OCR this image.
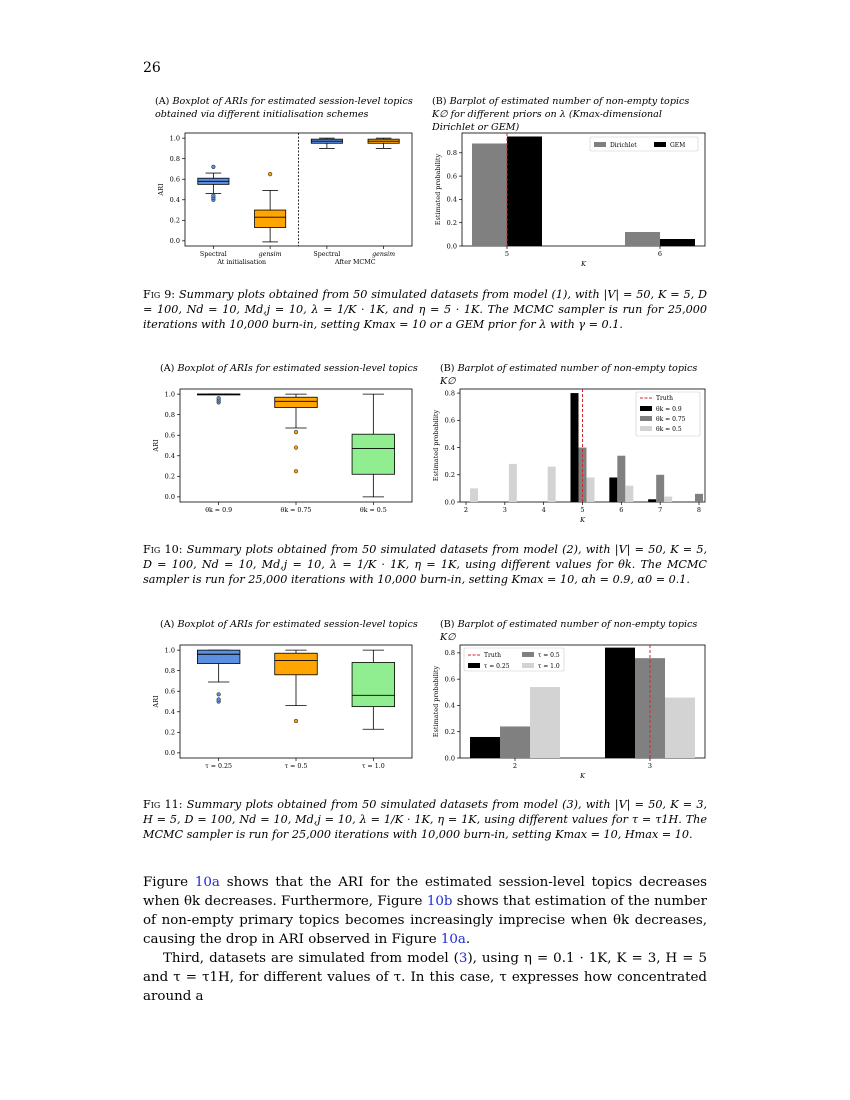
26
(A) Boxplot of ARIs for estimated session-level topics obtained via different initialisation schemes
(B) Barplot of estimated number of non-empty topics K∅ for different priors on λ (Kmax-dimensional Dirichlet or GEM)
0.0
0.2
0.4
0.6
0.8
1.0
ARI
Spectral	gensim	Spectral	gensim
At initialisation	After MCMC
0.0
0.2
0.4
0.6
0.8
Estimated probability
5	6
K
Dirichlet	GEM
Fig 9: Summary plots obtained from 50 simulated datasets from model (1), with |V| = 50, K = 5, D = 100, Nd = 10, Md,j = 10, λ = 1/K · 1K, and η = 5 · 1K. The MCMC sampler is run for 25,000 iterations with 10,000 burn-in, setting Kmax = 10 or a GEM prior for λ with γ = 0.1.
(A) Boxplot of ARIs for estimated session-level topics (B) Barplot of estimated number of non-empty topics K∅
0.0
0.2
0.4
0.6
0.8
1.0
ARI
θk = 0.9	θk = 0.75	θk = 0.5
0.0
0.2
0.4
0.6
0.8
Estimated probability
2	3	4	5	6	7	8
K
Truth
θk = 0.9
θk = 0.75
θk = 0.5
Fig 10: Summary plots obtained from 50 simulated datasets from model (2), with |V| = 50, K = 5, D = 100, Nd = 10, Md,j = 10, λ = 1/K · 1K, η = 1K, using different values for θk. The MCMC sampler is run for 25,000 iterations with 10,000 burn-in, setting Kmax = 10, αh = 0.9, α0 = 0.1.
(A) Boxplot of ARIs for estimated session-level topics (B) Barplot of estimated number of non-empty topics K∅
0.0
0.2
0.4
0.6
0.8
1.0
ARI
τ = 0.25	τ = 0.5	τ = 1.0
0.0
0.2
0.4
0.6
0.8
Estimated probability
2	3
K
Truth
τ = 0.25
τ = 0.5
τ = 1.0
Fig 11: Summary plots obtained from 50 simulated datasets from model (3), with |V| = 50, K = 3, H = 5, D = 100, Nd = 10, Md,j = 10, λ = 1/K · 1K, η = 1K, using different values for τ = τ1H. The MCMC sampler is run for 25,000 iterations with 10,000 burn-in, setting Kmax = 10, Hmax = 10.

Figure 10a shows that the ARI for the estimated session-level topics decreases when θk decreases. Furthermore, Figure 10b shows that estimation of the number of non-empty primary topics becomes increasingly imprecise when θk decreases, causing the drop in ARI observed in Figure 10a.

Third, datasets are simulated from model (3), using η = 0.1 · 1K, K = 3, H = 5 and τ = τ1H, for different values of τ. In this case, τ expresses how concentrated around a
